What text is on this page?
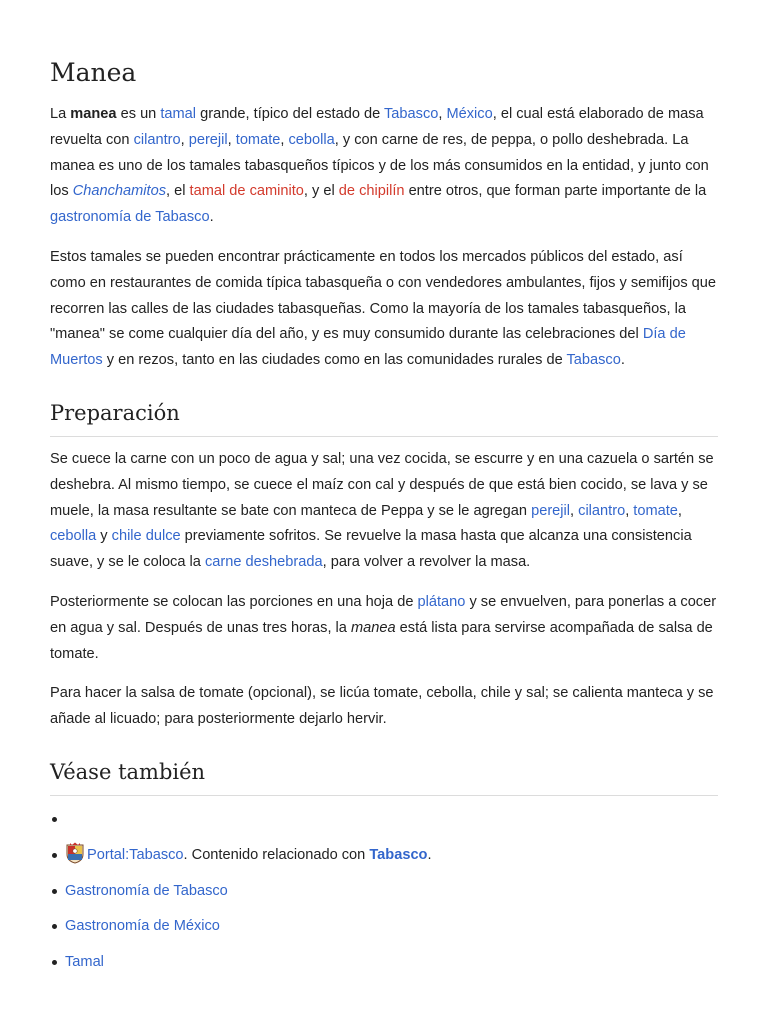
Manea

La manea es un tamal grande, típico del estado de Tabasco, México, el cual está elaborado de masa revuelta con cilantro, perejil, tomate, cebolla, y con carne de res, de peppa, o pollo deshebrada. La manea es uno de los tamales tabasqueños típicos y de los más consumidos en la entidad, y junto con los Chanchamitos, el tamal de caminito, y el de chipilín entre otros, que forman parte importante de la gastronomía de Tabasco.

Estos tamales se pueden encontrar prácticamente en todos los mercados públicos del estado, así como en restaurantes de comida típica tabasqueña o con vendedores ambulantes, fijos y semifijos que recorren las calles de las ciudades tabasqueñas. Como la mayoría de los tamales tabasqueños, la "manea" se come cualquier día del año, y es muy consumido durante las celebraciones del Día de Muertos y en rezos, tanto en las ciudades como en las comunidades rurales de Tabasco.

Preparación

Se cuece la carne con un poco de agua y sal; una vez cocida, se escurre y en una cazuela o sartén se deshebra. Al mismo tiempo, se cuece el maíz con cal y después de que está bien cocido, se lava y se muele, la masa resultante se bate con manteca de Peppa y se le agregan perejil, cilantro, tomate, cebolla y chile dulce previamente sofritos. Se revuelve la masa hasta que alcanza una consistencia suave, y se le coloca la carne deshebrada, para volver a revolver la masa.

Posteriormente se colocan las porciones en una hoja de plátano y se envuelven, para ponerlas a cocer en agua y sal. Después de unas tres horas, la manea está lista para servirse acompañada de salsa de tomate.

Para hacer la salsa de tomate (opcional), se licúa tomate, cebolla, chile y sal; se calienta manteca y se añade al licuado; para posteriormente dejarlo hervir.

Véase también

Portal:Tabasco. Contenido relacionado con Tabasco.
Gastronomía de Tabasco
Gastronomía de México
Tamal
